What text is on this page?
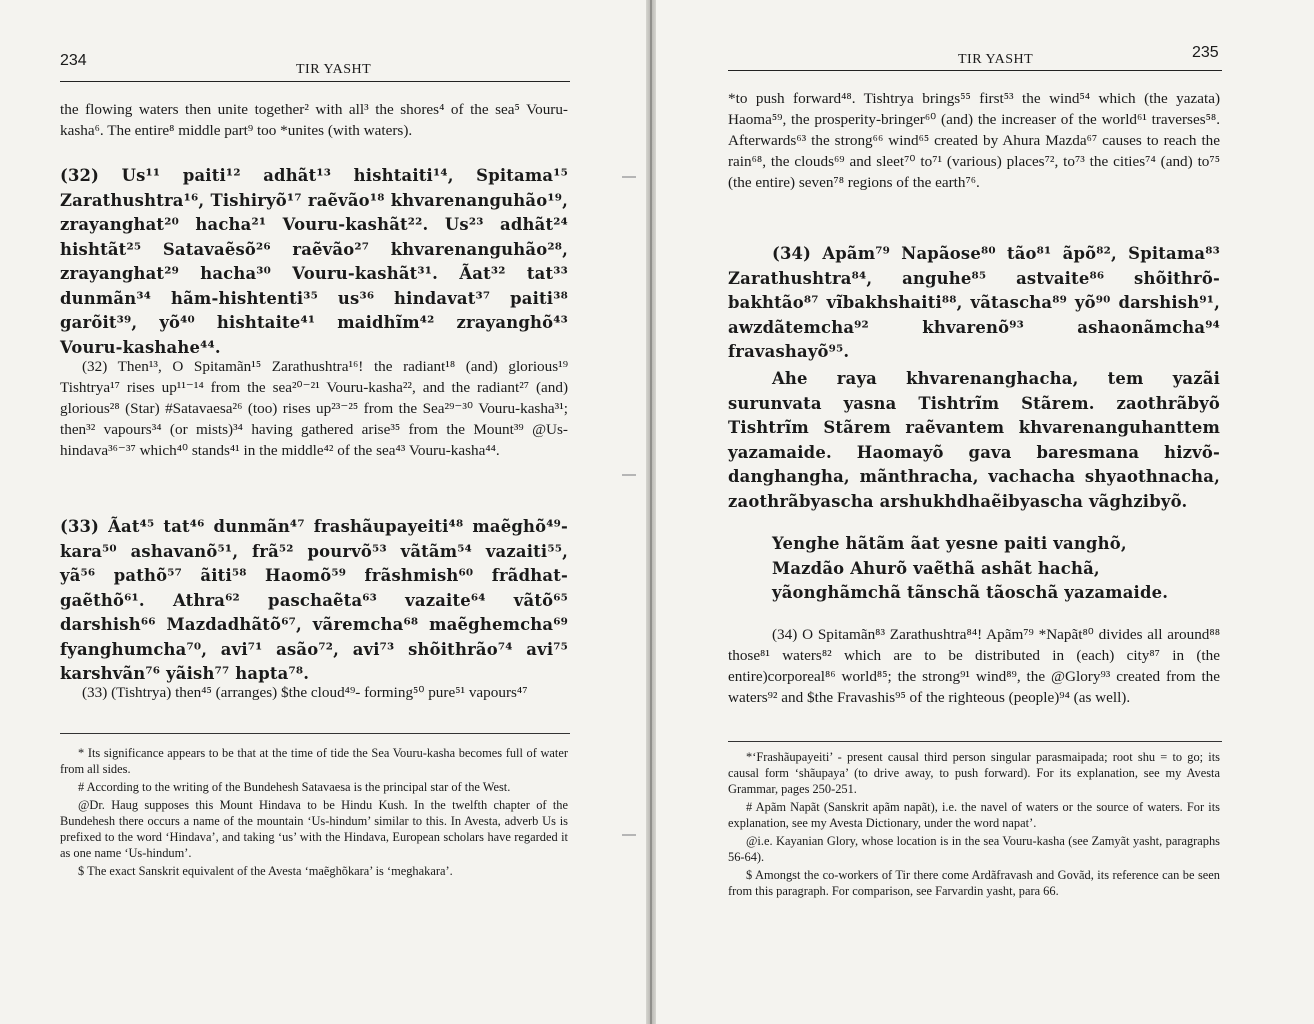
234
TIR YASHT
the flowing waters then unite together² with all³ the shores⁴ of the sea⁵ Vouru-kasha⁶. The entire⁸ middle part⁹ too *unites (with waters).
(32) Us¹¹ paiti¹² adhãt¹³ hishtaiti¹⁴, Spitama¹⁵ Zarathushtra¹⁶, Tishiryõ¹⁷ raẽvão¹⁸ khvarenanguhão¹⁹, zrayanghat²⁰ hacha²¹ Vouru-kashãt²². Us²³ adhãt²⁴ hishtãt²⁵ Satavaẽsõ²⁶ raẽvão²⁷ khvarenanguhão²⁸, zrayanghat²⁹ hacha³⁰ Vouru-kashãt³¹. Ãat³² tat³³ dunmãn³⁴ hãm-hishtenti³⁵ us³⁶ hindavat³⁷ paiti³⁸ garõit³⁹, yõ⁴⁰ hishtaite⁴¹ maidhĩm⁴² zrayanghõ⁴³ Vouru-kashahe⁴⁴.
(32) Then¹³, O Spitamãn¹⁵ Zarathushtra¹⁶! the radiant¹⁸ (and) glorious¹⁹ Tishtrya¹⁷ rises up¹¹⁻¹⁴ from the sea²⁰⁻²¹ Vouru-kasha²², and the radiant²⁷ (and) glorious²⁸ (Star) #Satavaesa²⁶ (too) rises up²³⁻²⁵ from the Sea²⁹⁻³⁰ Vouru-kasha³¹; then³² vapours³⁴ (or mists)³⁴ having gathered arise³⁵ from the Mount³⁹ @Us-hindava³⁶⁻³⁷ which⁴⁰ stands⁴¹ in the middle⁴² of the sea⁴³ Vouru-kasha⁴⁴.
(33) Ãat⁴⁵ tat⁴⁶ dunmãn⁴⁷ frashãupayeiti⁴⁸ maẽghõ⁴⁹-kara⁵⁰ ashavanõ⁵¹, frã⁵² pourvõ⁵³ vãtãm⁵⁴ vazaiti⁵⁵, yã⁵⁶ pathõ⁵⁷ ãiti⁵⁸ Haomõ⁵⁹ frãshmish⁶⁰ frãdhat-gaẽthõ⁶¹. Athra⁶² paschaẽta⁶³ vazaite⁶⁴ vãtõ⁶⁵ darshish⁶⁶ Mazdadhãtõ⁶⁷, vãremcha⁶⁸ maẽghemcha⁶⁹ fyanghumcha⁷⁰, avi⁷¹ asão⁷², avi⁷³ shõithrão⁷⁴ avi⁷⁵ karshvãn⁷⁶ yãish⁷⁷ hapta⁷⁸.
(33) (Tishtrya) then⁴⁵ (arranges) $the cloud⁴⁹- forming⁵⁰ pure⁵¹ vapours⁴⁷

* Its significance appears to be that at the time of tide the Sea Vouru-kasha becomes full of water from all sides.

# According to the writing of the Bundehesh Satavaesa is the principal star of the West.

@Dr. Haug supposes this Mount Hindava to be Hindu Kush. In the twelfth chapter of the Bundehesh there occurs a name of the mountain ‘Us-hindum’ similar to this. In Avesta, adverb Us is prefixed to the word ‘Hindava’, and taking ‘us’ with the Hindava, European scholars have regarded it as one name ‘Us-hindum’.

$ The exact Sanskrit equivalent of the Avesta ‘maẽghõkara’ is ‘meghakara’.

235
TIR YASHT
*to push forward⁴⁸. Tishtrya brings⁵⁵ first⁵³ the wind⁵⁴ which (the yazata) Haoma⁵⁹, the prosperity-bringer⁶⁰ (and) the increaser of the world⁶¹ traverses⁵⁸. Afterwards⁶³ the strong⁶⁶ wind⁶⁵ created by Ahura Mazda⁶⁷ causes to reach the rain⁶⁸, the clouds⁶⁹ and sleet⁷⁰ to⁷¹ (various) places⁷², to⁷³ the cities⁷⁴ (and) to⁷⁵ (the entire) seven⁷⁸ regions of the earth⁷⁶.
(34) Apãm⁷⁹ Napãose⁸⁰ tão⁸¹ ãpõ⁸², Spitama⁸³ Zarathushtra⁸⁴, anguhe⁸⁵ astvaite⁸⁶ shõithrõ-bakhtão⁸⁷ vĩbakhshaiti⁸⁸, vãtascha⁸⁹ yõ⁹⁰ darshish⁹¹, awzdãtemcha⁹² khvarenõ⁹³ ashaonãmcha⁹⁴ fravashayõ⁹⁵.
Ahe raya khvarenanghacha, tem yazãi surunvata yasna Tishtrĩm Stãrem. zaothrãbyõ Tishtrĩm Stãrem raẽvantem khvarenanguhanttem yazamaide. Haomayõ gava baresmana hizvõ-danghangha, mãnthracha, vachacha shyaothnacha, zaothrãbyascha arshukhdhaẽibyascha vãghzibyõ.
Yenghe hãtãm ãat yesne paiti vanghõ,
Mazdão Ahurõ vaẽthã ashãt hachã,
yãonghãmchã tãnschã tãoschã yazamaide.
(34) O Spitamãn⁸³ Zarathushtra⁸⁴! Apãm⁷⁹ *Napãt⁸⁰ divides all around⁸⁸ those⁸¹ waters⁸² which are to be distributed in (each) city⁸⁷ in (the entire)corporeal⁸⁶ world⁸⁵; the strong⁹¹ wind⁸⁹, the @Glory⁹³ created from the waters⁹² and $the Fravashis⁹⁵ of the righteous (people)⁹⁴ (as well).

*‘Frashãupayeiti’ - present causal third person singular parasmaipada; root shu = to go; its causal form ‘shãupaya’ (to drive away, to push forward). For its explanation, see my Avesta Grammar, pages 250-251.

# Apãm Napãt (Sanskrit apãm napãt), i.e. the navel of waters or the source of waters. For its explanation, see my Avesta Dictionary, under the word napat’.

@i.e. Kayanian Glory, whose location is in the sea Vouru-kasha (see Zamyãt yasht, paragraphs 56-64).

$ Amongst the co-workers of Tir there come Ardãfravash and Govãd, its reference can be seen from this paragraph. For comparison, see Farvardin yasht, para 66.
